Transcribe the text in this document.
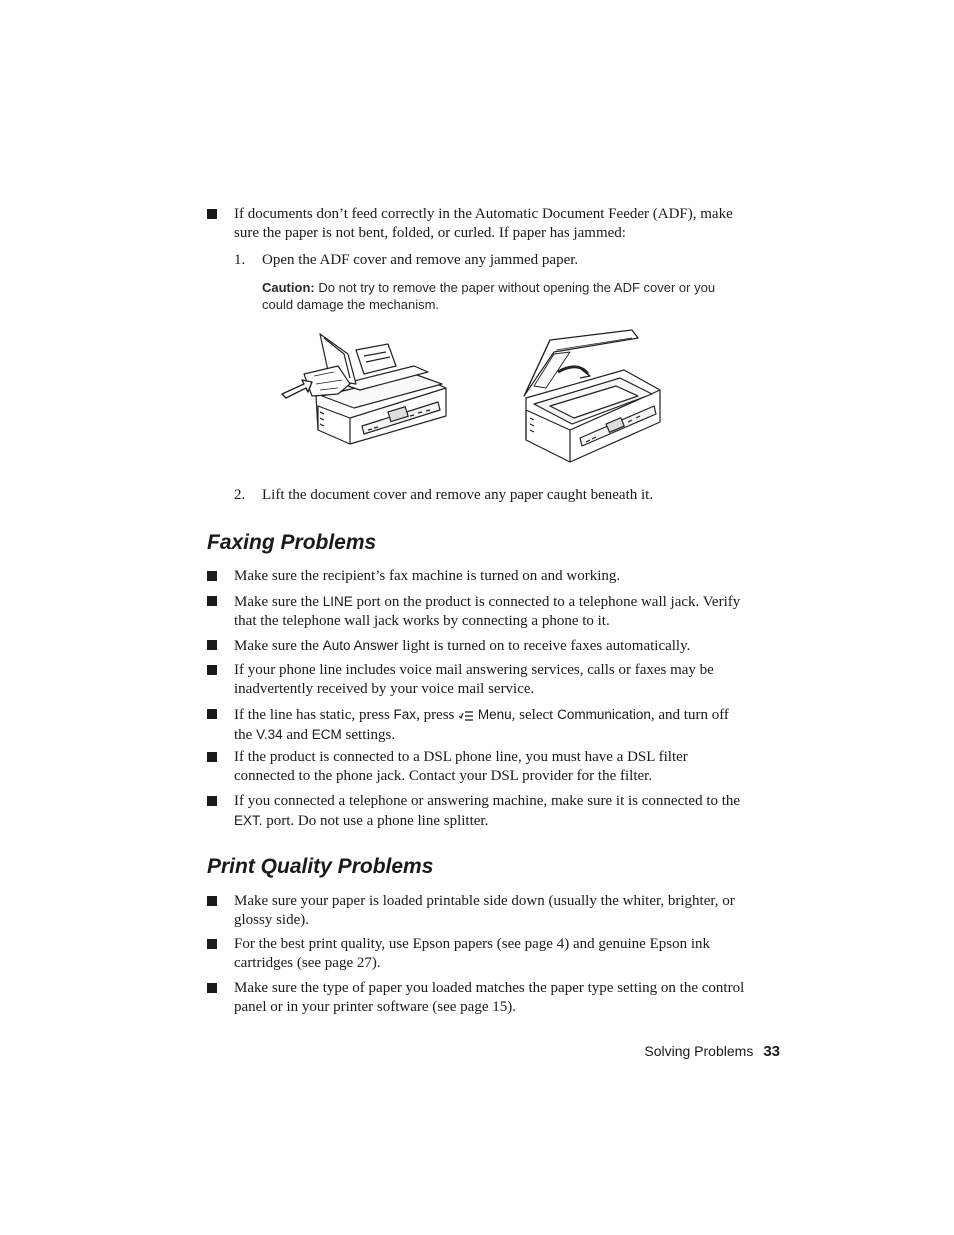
If documents don’t feed correctly in the Automatic Document Feeder (ADF), make sure the paper is not bent, folded, or curled. If paper has jammed:
1. Open the ADF cover and remove any jammed paper.
Caution: Do not try to remove the paper without opening the ADF cover or you could damage the mechanism.
2. Lift the document cover and remove any paper caught beneath it.
Faxing Problems
Make sure the recipient’s fax machine is turned on and working.
Make sure the LINE port on the product is connected to a telephone wall jack. Verify that the telephone wall jack works by connecting a phone to it.
Make sure the Auto Answer light is turned on to receive faxes automatically.
If your phone line includes voice mail answering services, calls or faxes may be inadvertently received by your voice mail service.
If the line has static, press Fax, press  Menu, select Communication, and turn off the V.34 and ECM settings.
If the product is connected to a DSL phone line, you must have a DSL filter connected to the phone jack. Contact your DSL provider for the filter.
If you connected a telephone or answering machine, make sure it is connected to the EXT. port. Do not use a phone line splitter.
Print Quality Problems
Make sure your paper is loaded printable side down (usually the whiter, brighter, or glossy side).
For the best print quality, use Epson papers (see page 4) and genuine Epson ink cartridges (see page 27).
Make sure the type of paper you loaded matches the paper type setting on the control panel or in your printer software (see page 15).
Solving Problems 33
